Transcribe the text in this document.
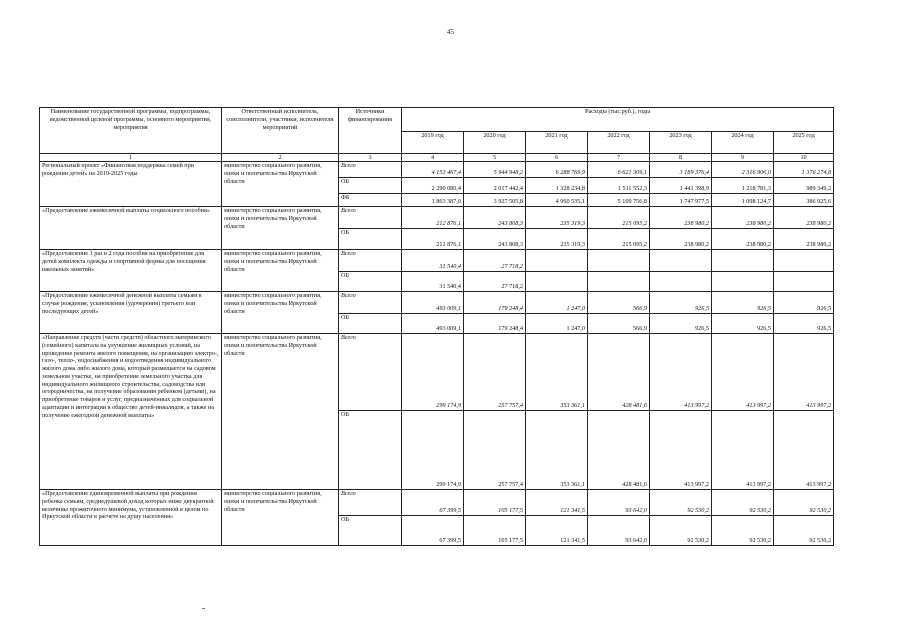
45
Наименование государственной программы, подпрограммы, ведомственной целевой программы, основного мероприятия, мероприятия	Ответственный исполнитель, соисполнители, участники, исполнители мероприятий	Источники финансирования	Расходы (тыс.руб.), годы						
			2019 год	2020 год	2021 год	2022 год	2023 год	2024 год	2025 год
1	2	3	4	5	6	7	8	9	10
Региональный проект «Финансовая поддержка семей при рождении детей» на 2019-2025 годы	министерство социального развития, опеки и попечительства Иркутской области	Всего	4 153 467,4	5 944 948,2	6 288 769,9	6 621 309,1	3 189 376,4	2 316 906,0	1 376 274,8
		ОБ	2 290 080,4	2 017 442,4	1 328 234,8	1 511 552,3	1 441 398,9	1 218 781,3	989 349,2
		ФБ	1 863 387,0	3 927 505,8	4 960 535,1	5 109 756,8	1 747 977,5	1 098 124,7	386 925,6
«Предоставление ежемесячной выплаты социального пособия»	министерство социального развития, опеки и попечительства Иркутской области	Всего	212 876,1	243 808,3	235 319,3	215 095,2	238 980,2	238 980,2	238 980,2
		ОБ	212 876,1	243 808,3	235 319,3	215 095,2	238 980,2	238 980,2	238 980,2
«Предоставление 1 раз в 2 года пособия на приобретение для детей комплекта одежды и спортивной формы для посещения школьных занятий»	министерство социального развития, опеки и попечительства Иркутской области	Всего	31 540,4	27 718,2					
		ОБ	31 540,4	27 718,2					
«Предоставление ежемесячной денежной выплаты семьям в случае рождения, усыновления (удочерения) третьего или последующих детей»	министерство социального развития, опеки и попечительства Иркутской области	Всего	493 009,1	179 248,4	1 247,0	566,9	926,5	926,5	926,5
		ОБ	493 009,1	179 248,4	1 247,0	566,9	926,5	926,5	926,5
«Направление средств (части средств) областного материнского (семейного) капитала на улучшение жилищных условий, на проведение ремонта жилого помещения, на организацию электро-, газо-, тепло-, водоснабжения и водоотведения индивидуального жилого дома либо жилого дома, который размещается на садовом земельном участке, на приобретение земельного участка для индивидуального жилищного строительства, садоводства или огородничества, на получение образования ребенком (детьми), на приобретение товаров и услуг, предназначенных для социальной адаптации и интеграции в общество детей-инвалидов, а также на получение ежегодной денежной выплаты»	министерство социального развития, опеки и попечительства Иркутской области	Всего	299 174,9	257 757,4	353 361,1	428 481,6	413 997,2	413 997,2	413 997,2
		ОБ	299 174,9	257 757,4	353 361,1	428 481,6	413 997,2	413 997,2	413 997,2
«Предоставление единовременной выплаты при рождении ребенка семьям, среднедушевой доход которых ниже двукратной величины прожиточного минимума, установленной в целом по Иркутской области в расчете на душу населения»	министерство социального развития, опеки и попечительства Иркутской области	Всего	67 399,5	105 177,5	121 341,5	93 642,0	92 530,2	92 530,2	92 530,2
		ОБ	67 399,5	105 177,5	121 341,5	93 642,0	92 530,2	92 530,2	92 530,2
